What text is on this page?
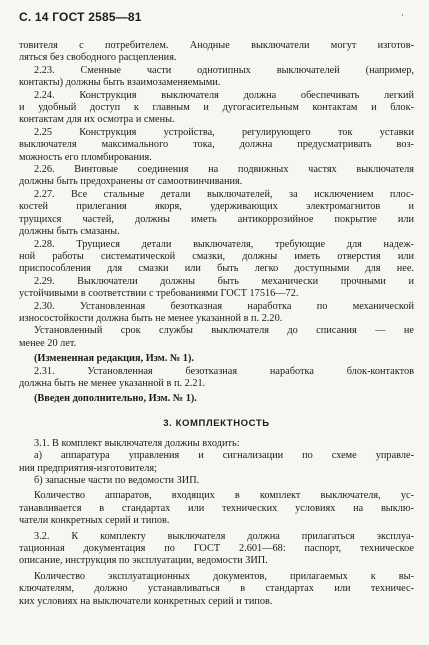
С. 14 ГОСТ 2585—81	·
товителя с потребителем. Анодные выключатели могут изготов-
ляться без свободного расцепления.
2.23. Сменные части однотипных выключателей (например,
контакты) должны быть взаимозаменяемыми.
2.24. Конструкция выключателя должна обеспечивать легкий
и удобный доступ к главным и дугогасительным контактам и блок-
контактам для их осмотра и смены.
2.25 Конструкция устройства, регулирующего ток уставки
выключателя максимального тока, должна предусматривать воз-
можность его пломбирования.
2.26. Винтовые соединения на подвижных частях выключателя
должны быть предохранены от самоотвинчивания.
2.27. Все стальные детали выключателей, за исключением плос-
костей прилегания якоря, удерживающих электромагнитов и
трущихся частей, должны иметь антикоррозийное покрытие или
должны быть смазаны.
2.28. Трущиеся детали выключателя, требующие для надеж-
ной работы систематической смазки, должны иметь отверстия или
приспособления для смазки или быть легко доступными для нее.
2.29. Выключатели должны быть механически прочными и
устойчивыми в соответствии с требованиями ГОСТ 17516—72.
2.30. Установленная безотказная наработка по механической
износостойкости должна быть не менее указанной в п. 2.20.
Установленный срок службы выключателя до списания — не
менее 20 лет.
(Измененная редакция, Изм. № 1).
2.31. Установленная безотказная наработка блок-контактов
должна быть не менее указанной в п. 2.21.
(Введен дополнительно, Изм. № 1).
3. КОМПЛЕКТНОСТЬ
3.1. В комплект выключателя должны входить:
а) аппаратура управления и сигнализации по схеме управле-
ния предприятия-изготовителя;
б) запасные части по ведомости ЗИП.
Количество аппаратов, входящих в комплект выключателя, ус-
танавливается в стандартах или технических условиях на выклю-
чатели конкретных серий и типов.
3.2. К комплекту выключателя должна прилагаться эксплуа-
тационная документация по ГОСТ 2.601—68: паспорт, техническое
описание, инструкция по эксплуатации, ведомости ЗИП.
Количество эксплуатационных документов, прилагаемых к вы-
ключателям, должно устанавливаться в стандартах или техничес-
ких условиях на выключатели конкретных серий и типов.
